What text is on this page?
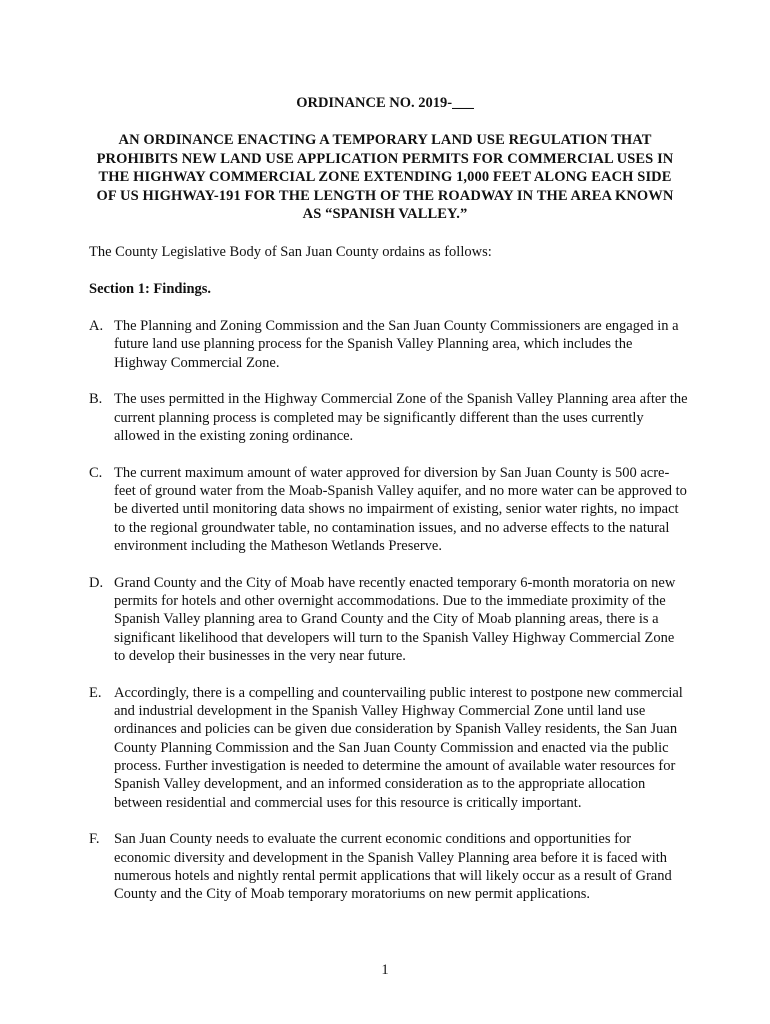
ORDINANCE NO. 2019-___

AN ORDINANCE ENACTING A TEMPORARY LAND USE REGULATION THAT PROHIBITS NEW LAND USE APPLICATION PERMITS FOR COMMERCIAL USES IN THE HIGHWAY COMMERCIAL ZONE EXTENDING 1,000 FEET ALONG EACH SIDE OF US HIGHWAY-191 FOR THE LENGTH OF THE ROADWAY IN THE AREA KNOWN AS “SPANISH VALLEY.”

The County Legislative Body of San Juan County ordains as follows:

Section 1: Findings.

A. The Planning and Zoning Commission and the San Juan County Commissioners are engaged in a future land use planning process for the Spanish Valley Planning area, which includes the Highway Commercial Zone.
B. The uses permitted in the Highway Commercial Zone of the Spanish Valley Planning area after the current planning process is completed may be significantly different than the uses currently allowed in the existing zoning ordinance.
C. The current maximum amount of water approved for diversion by San Juan County is 500 acre-feet of ground water from the Moab-Spanish Valley aquifer, and no more water can be approved to be diverted until monitoring data shows no impairment of existing, senior water rights, no impact to the regional groundwater table, no contamination issues, and no adverse effects to the natural environment including the Matheson Wetlands Preserve.
D. Grand County and the City of Moab have recently enacted temporary 6-month moratoria on new permits for hotels and other overnight accommodations. Due to the immediate proximity of the Spanish Valley planning area to Grand County and the City of Moab planning areas, there is a significant likelihood that developers will turn to the Spanish Valley Highway Commercial Zone to develop their businesses in the very near future.
E. Accordingly, there is a compelling and countervailing public interest to postpone new commercial and industrial development in the Spanish Valley Highway Commercial Zone until land use ordinances and policies can be given due consideration by Spanish Valley residents, the San Juan County Planning Commission and the San Juan County Commission and enacted via the public process. Further investigation is needed to determine the amount of available water resources for Spanish Valley development, and an informed consideration as to the appropriate allocation between residential and commercial uses for this resource is critically important.
F. San Juan County needs to evaluate the current economic conditions and opportunities for economic diversity and development in the Spanish Valley Planning area before it is faced with numerous hotels and nightly rental permit applications that will likely occur as a result of Grand County and the City of Moab temporary moratoriums on new permit applications.

1
